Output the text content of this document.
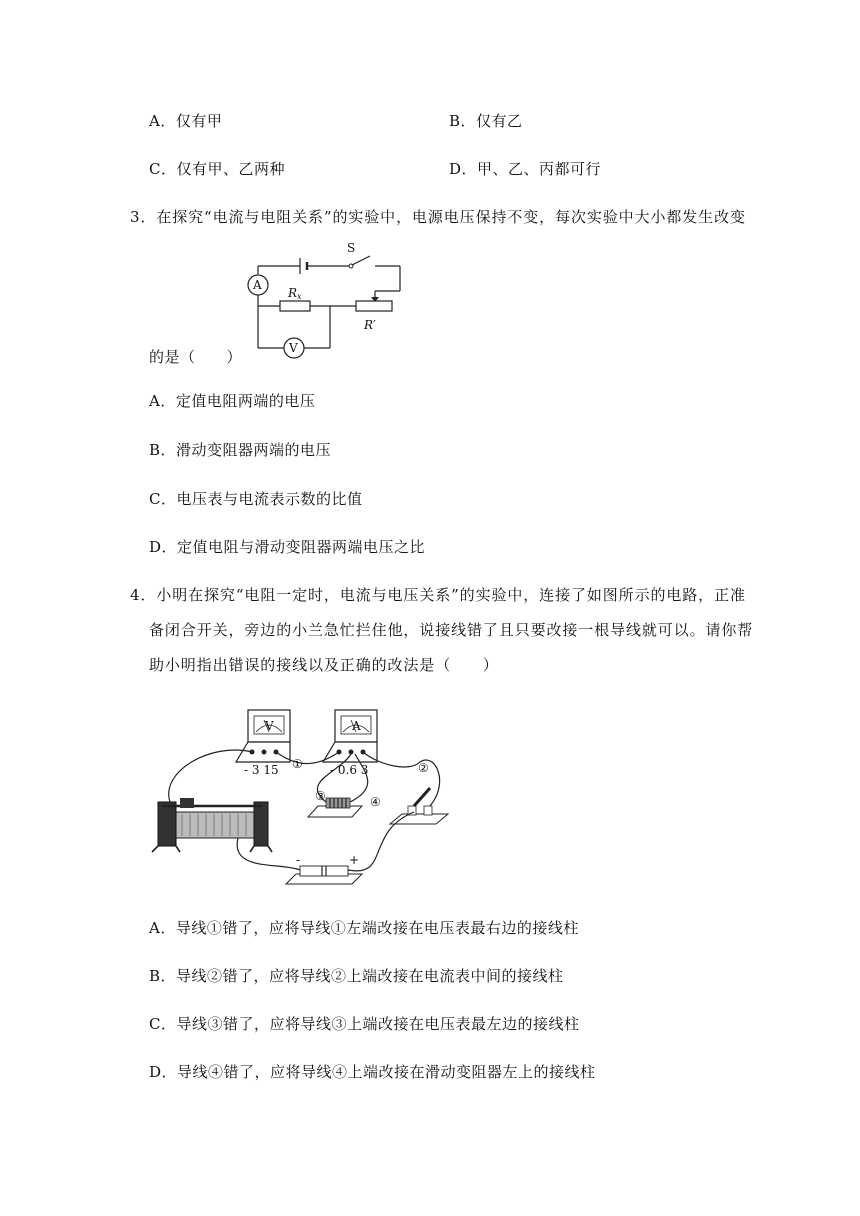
A．仅有甲	B．仅有乙
C．仅有甲、乙两种	D．甲、乙、丙都可行
3．在探究“电流与电阻关系”的实验中，电源电压保持不变，每次实验中大小都发生改变
S
A
Rx
R′
V
的是（　　）
A．定值电阻两端的电压
B．滑动变阻器两端的电压
C．电压表与电流表示数的比值
D．定值电阻与滑动变阻器两端电压之比
4．小明在探究“电阻一定时，电流与电压关系”的实验中，连接了如图所示的电路，正准
备闭合开关，旁边的小兰急忙拦住他，说接线错了且只要改接一根导线就可以。请你帮
助小明指出错误的接线以及正确的改法是（　　）
V
- 3 15
A
- 0.6 3
-	+
①	②
③	④
A．导线①错了，应将导线①左端改接在电压表最右边的接线柱
B．导线②错了，应将导线②上端改接在电流表中间的接线柱
C．导线③错了，应将导线③上端改接在电压表最左边的接线柱
D．导线④错了，应将导线④上端改接在滑动变阻器左上的接线柱
